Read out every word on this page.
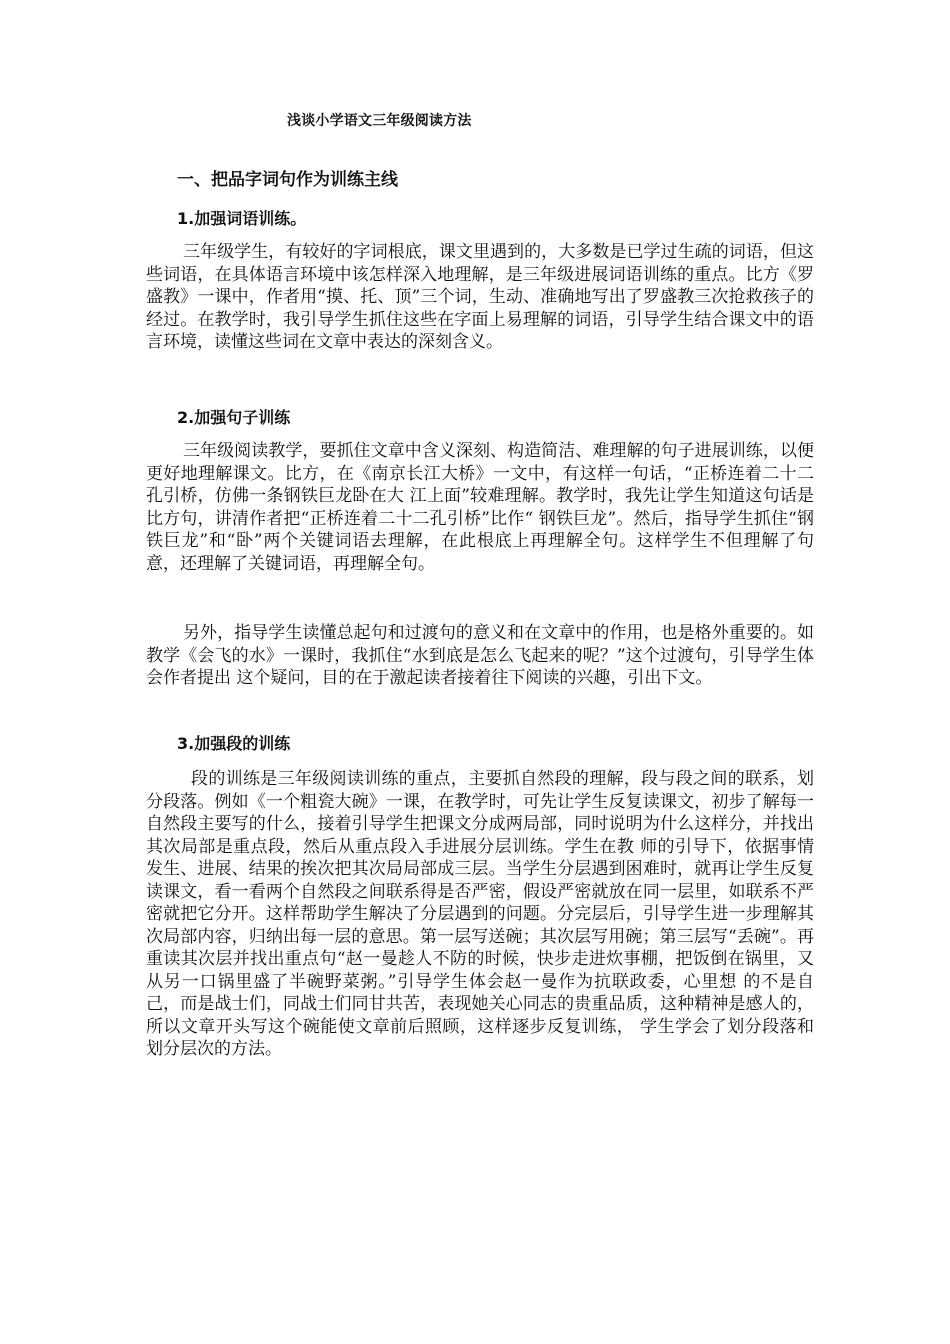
浅谈小学语文三年级阅读方法
一、把品字词句作为训练主线
1.加强词语训练。

三年级学生，有较好的字词根底，课文里遇到的，大多数是已学过生疏的词语，但这些词语，在具体语言环境中该怎样深入地理解，是三年级进展词语训练的重点。比方《罗盛教》一课中，作者用“摸、托、顶”三个词，生动、准确地写出了罗盛教三次抢救孩子的经过。在教学时，我引导学生抓住这些在字面上易理解的词语，引导学生结合课文中的语言环境，读懂这些词在文章中表达的深刻含义。

2.加强句子训练

三年级阅读教学，要抓住文章中含义深刻、构造简洁、难理解的句子进展训练，以便更好地理解课文。比方，在《南京长江大桥》一文中，有这样一句话，“正桥连着二十二孔引桥，仿佛一条钢铁巨龙卧在大 江上面”较难理解。教学时，我先让学生知道这句话是比方句，讲清作者把“正桥连着二十二孔引桥”比作“ 钢铁巨龙”。然后，指导学生抓住“钢铁巨龙”和“卧”两个关键词语去理解，在此根底上再理解全句。这样学生不但理解了句意，还理解了关键词语，再理解全句。

另外，指导学生读懂总起句和过渡句的意义和在文章中的作用，也是格外重要的。如教学《会飞的水》一课时，我抓住“水到底是怎么飞起来的呢？”这个过渡句，引导学生体会作者提出 这个疑问，目的在于激起读者接着往下阅读的兴趣，引出下文。

3.加强段的训练

段的训练是三年级阅读训练的重点，主要抓自然段的理解，段与段之间的联系，划分段落。例如《一个粗瓷大碗》一课，在教学时，可先让学生反复读课文，初步了解每一自然段主要写的什么，接着引导学生把课文分成两局部，同时说明为什么这样分，并找出其次局部是重点段，然后从重点段入手进展分层训练。学生在教 师的引导下，依据事情发生、进展、结果的挨次把其次局局部成三层。当学生分层遇到困难时，就再让学生反复读课文，看一看两个自然段之间联系得是否严密，假设严密就放在同一层里，如联系不严密就把它分开。这样帮助学生解决了分层遇到的问题。分完层后，引导学生进一步理解其次局部内容，归纳出每一层的意思。第一层写送碗；其次层写用碗；第三层写“丢碗”。再重读其次层并找出重点句“赵一曼趁人不防的时候，快步走进炊事棚，把饭倒在锅里，又从另一口锅里盛了半碗野菜粥。”引导学生体会赵一曼作为抗联政委，心里想 的不是自己，而是战士们，同战士们同甘共苦，表现她关心同志的贵重品质，这种精神是感人的，所以文章开头写这个碗能使文章前后照顾，这样逐步反复训练， 学生学会了划分段落和划分层次的方法。
